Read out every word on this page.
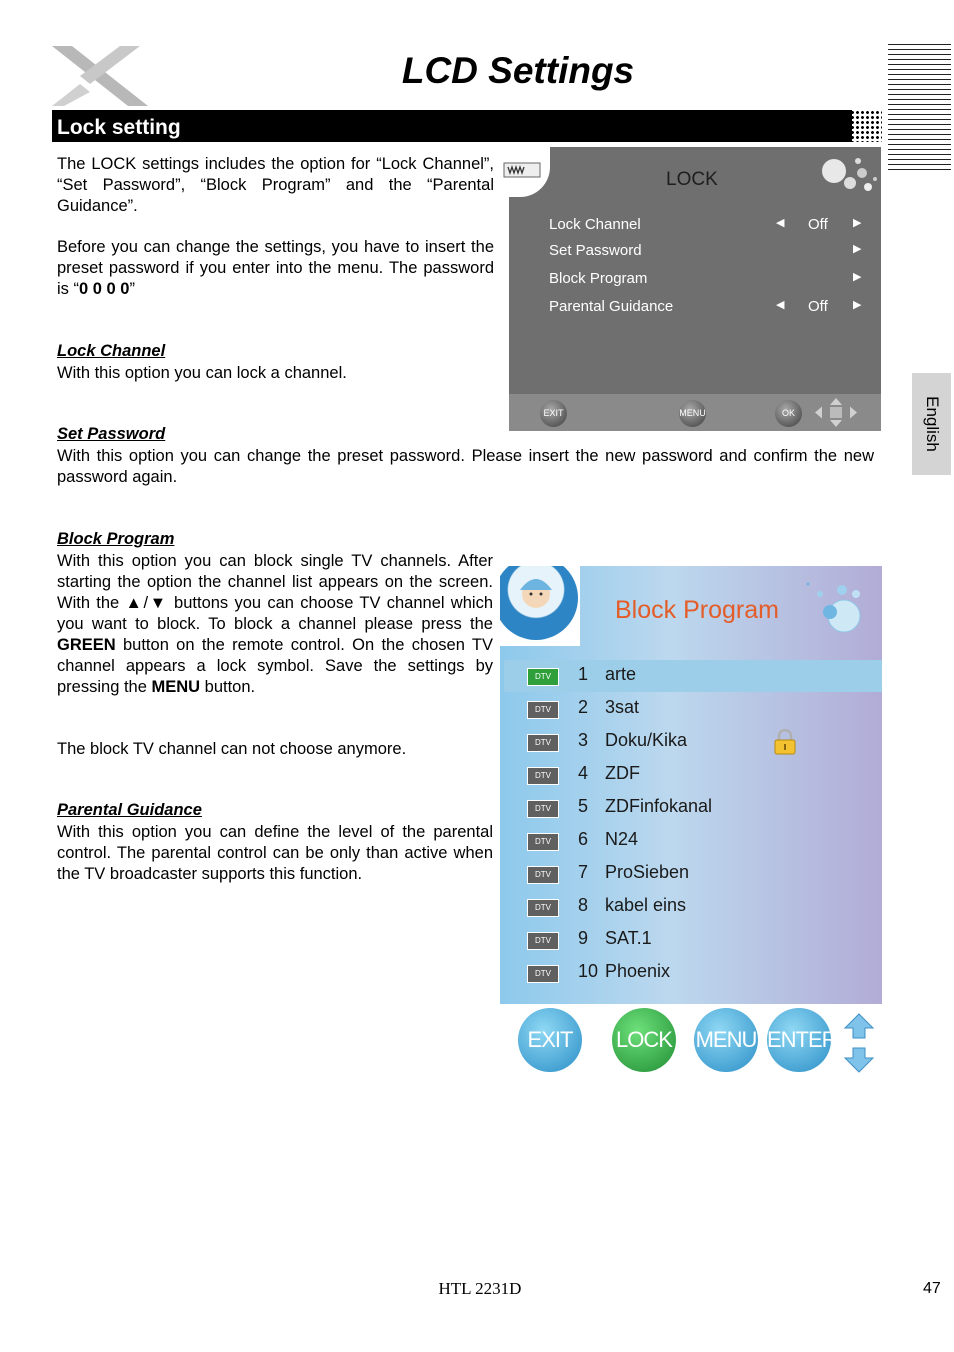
LCD Settings
Lock setting
English
The LOCK settings includes the option for “Lock Channel”, “Set Password”, “Block Program” and the “Parental Guidance”.
Before you can change the settings, you have to insert the preset password if you enter into the menu. The password is “0 0 0 0”
Lock Channel
With this option you can lock a channel.
Set Password
With this option you can change the preset password. Please insert the new password and confirm the new password again.
Block Program
With this option you can block single TV channels. After starting the option the channel list appears on the screen. With the ▲/▼ buttons you can choose TV channel which you want to block. To block a channel please press the GREEN button on the remote control. On the chosen TV channel appears a lock symbol. Save the settings by pressing the MENU button.
The block TV channel can not choose anymore.
Parental Guidance
With this option you can define the level of the parental control. The parental control can be only than active when the TV broadcaster supports this function.
LOCK
Lock Channel	◀ Off ▶
Set Password	▶
Block Program	▶
Parental Guidance	◀ Off ▶
EXIT	MENU	OK
Block Program
DTV	1 arte
DTV	2 3sat
DTV	3 Doku/Kika
DTV	4 ZDF
DTV	5 ZDFinfokanal
DTV	6 N24
DTV	7 ProSieben
DTV	8 kabel eins
DTV	9 SAT.1
DTV	10 Phoenix
EXIT	LOCK MENU ENTER
HTL 2231D	47
